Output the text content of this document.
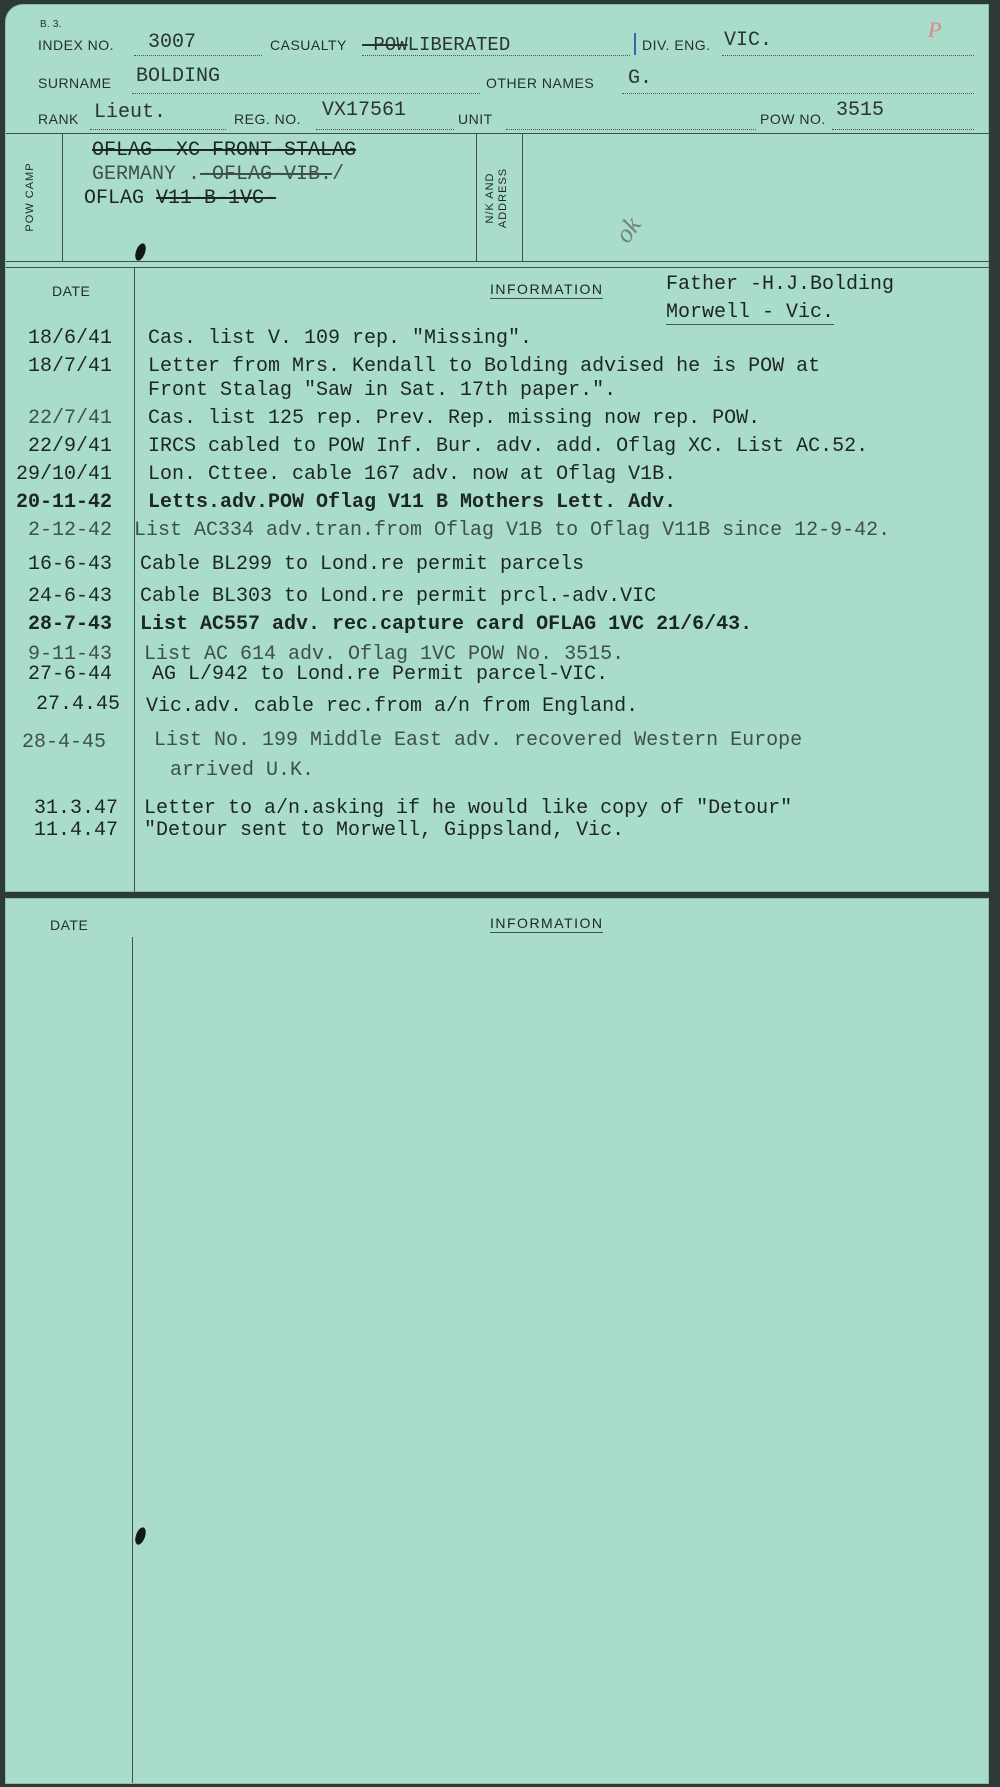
B. 3.
INDEX NO. 3007	CASUALTY -POWLIBERATED	DIV. ENG. VIC.	P
SURNAME BOLDING	OTHER NAMES G.
RANK Lieut.	REG. NO. VX17561	UNIT	POW NO. 3515
POW CAMP	N/K AND
ADDRESS
OFLAG--XC FRONT-STALAG
GERMANY .-OFLAG-VIB./
OFLAG V11-B-1VC-
ok
DATE	INFORMATION	Father -H.J.Bolding
Morwell - Vic.
18/6/41 Cas. list V. 109 rep. "Missing".
18/7/41 Letter from Mrs. Kendall to Bolding advised he is POW at
Front Stalag "Saw in Sat. 17th paper.".
22/7/41 Cas. list 125 rep. Prev. Rep. missing now rep. POW.
22/9/41 IRCS cabled to POW Inf. Bur. adv. add. Oflag XC. List AC.52.
29/10/41 Lon. Cttee. cable 167 adv. now at Oflag V1B.
20-11-42 Letts.adv.POW Oflag V11 B Mothers Lett. Adv.
2-12-42 List AC334 adv.tran.from Oflag V1B to Oflag V11B since 12-9-42.
16-6-43 Cable BL299 to Lond.re permit parcels
24-6-43 Cable BL303 to Lond.re permit prcl.-adv.VIC
28-7-43 List AC557 adv. rec.capture card OFLAG 1VC 21/6/43.
9-11-43 List AC 614 adv. Oflag 1VC POW No. 3515.
27-6-44 AG L/942 to Lond.re Permit parcel-VIC.
27.4.45 Vic.adv. cable rec.from a/n from England.
28-4-45 List No. 199 Middle East adv. recovered Western Europe
arrived U.K.
31.3.47 Letter to a/n.asking if he would like copy of "Detour"
11.4.47 "Detour sent to Morwell, Gippsland, Vic.
DATE	INFORMATION
